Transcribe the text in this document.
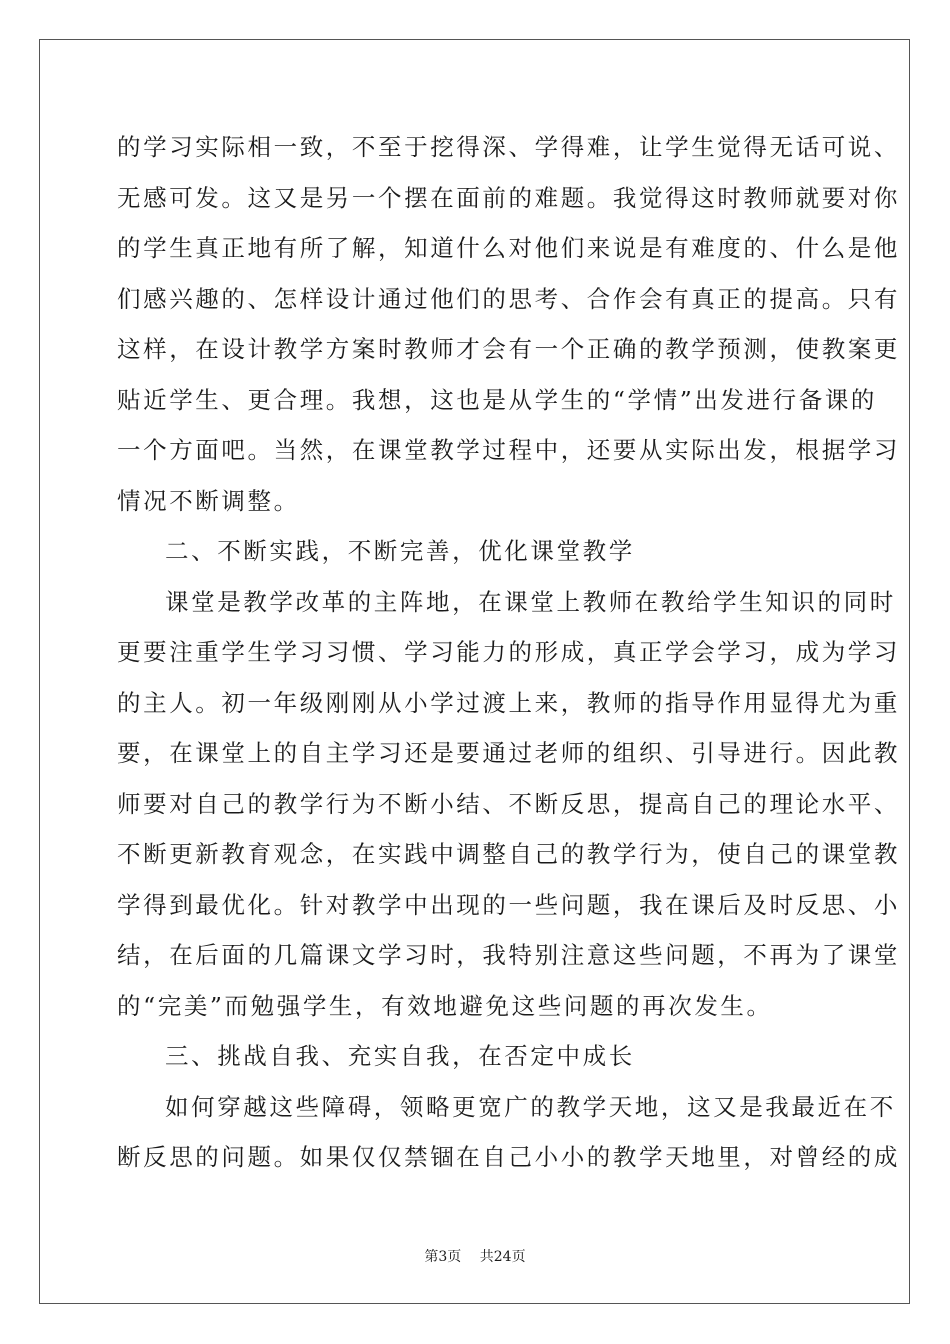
的学习实际相一致，不至于挖得深、学得难，让学生觉得无话可说、
无感可发。这又是另一个摆在面前的难题。我觉得这时教师就要对你
的学生真正地有所了解，知道什么对他们来说是有难度的、什么是他
们感兴趣的、怎样设计通过他们的思考、合作会有真正的提高。只有
这样，在设计教学方案时教师才会有一个正确的教学预测，使教案更
贴近学生、更合理。我想，这也是从学生的“学情”出发进行备课的
一个方面吧。当然，在课堂教学过程中，还要从实际出发，根据学习
情况不断调整。
二、不断实践，不断完善，优化课堂教学
课堂是教学改革的主阵地，在课堂上教师在教给学生知识的同时
更要注重学生学习习惯、学习能力的形成，真正学会学习，成为学习
的主人。初一年级刚刚从小学过渡上来，教师的指导作用显得尤为重
要，在课堂上的自主学习还是要通过老师的组织、引导进行。因此教
师要对自己的教学行为不断小结、不断反思，提高自己的理论水平、
不断更新教育观念，在实践中调整自己的教学行为，使自己的课堂教
学得到最优化。针对教学中出现的一些问题，我在课后及时反思、小
结，在后面的几篇课文学习时，我特别注意这些问题，不再为了课堂
的“完美”而勉强学生，有效地避免这些问题的再次发生。
三、挑战自我、充实自我，在否定中成长
如何穿越这些障碍，领略更宽广的教学天地，这又是我最近在不
断反思的问题。如果仅仅禁锢在自己小小的教学天地里，对曾经的成
第3页 共24页
